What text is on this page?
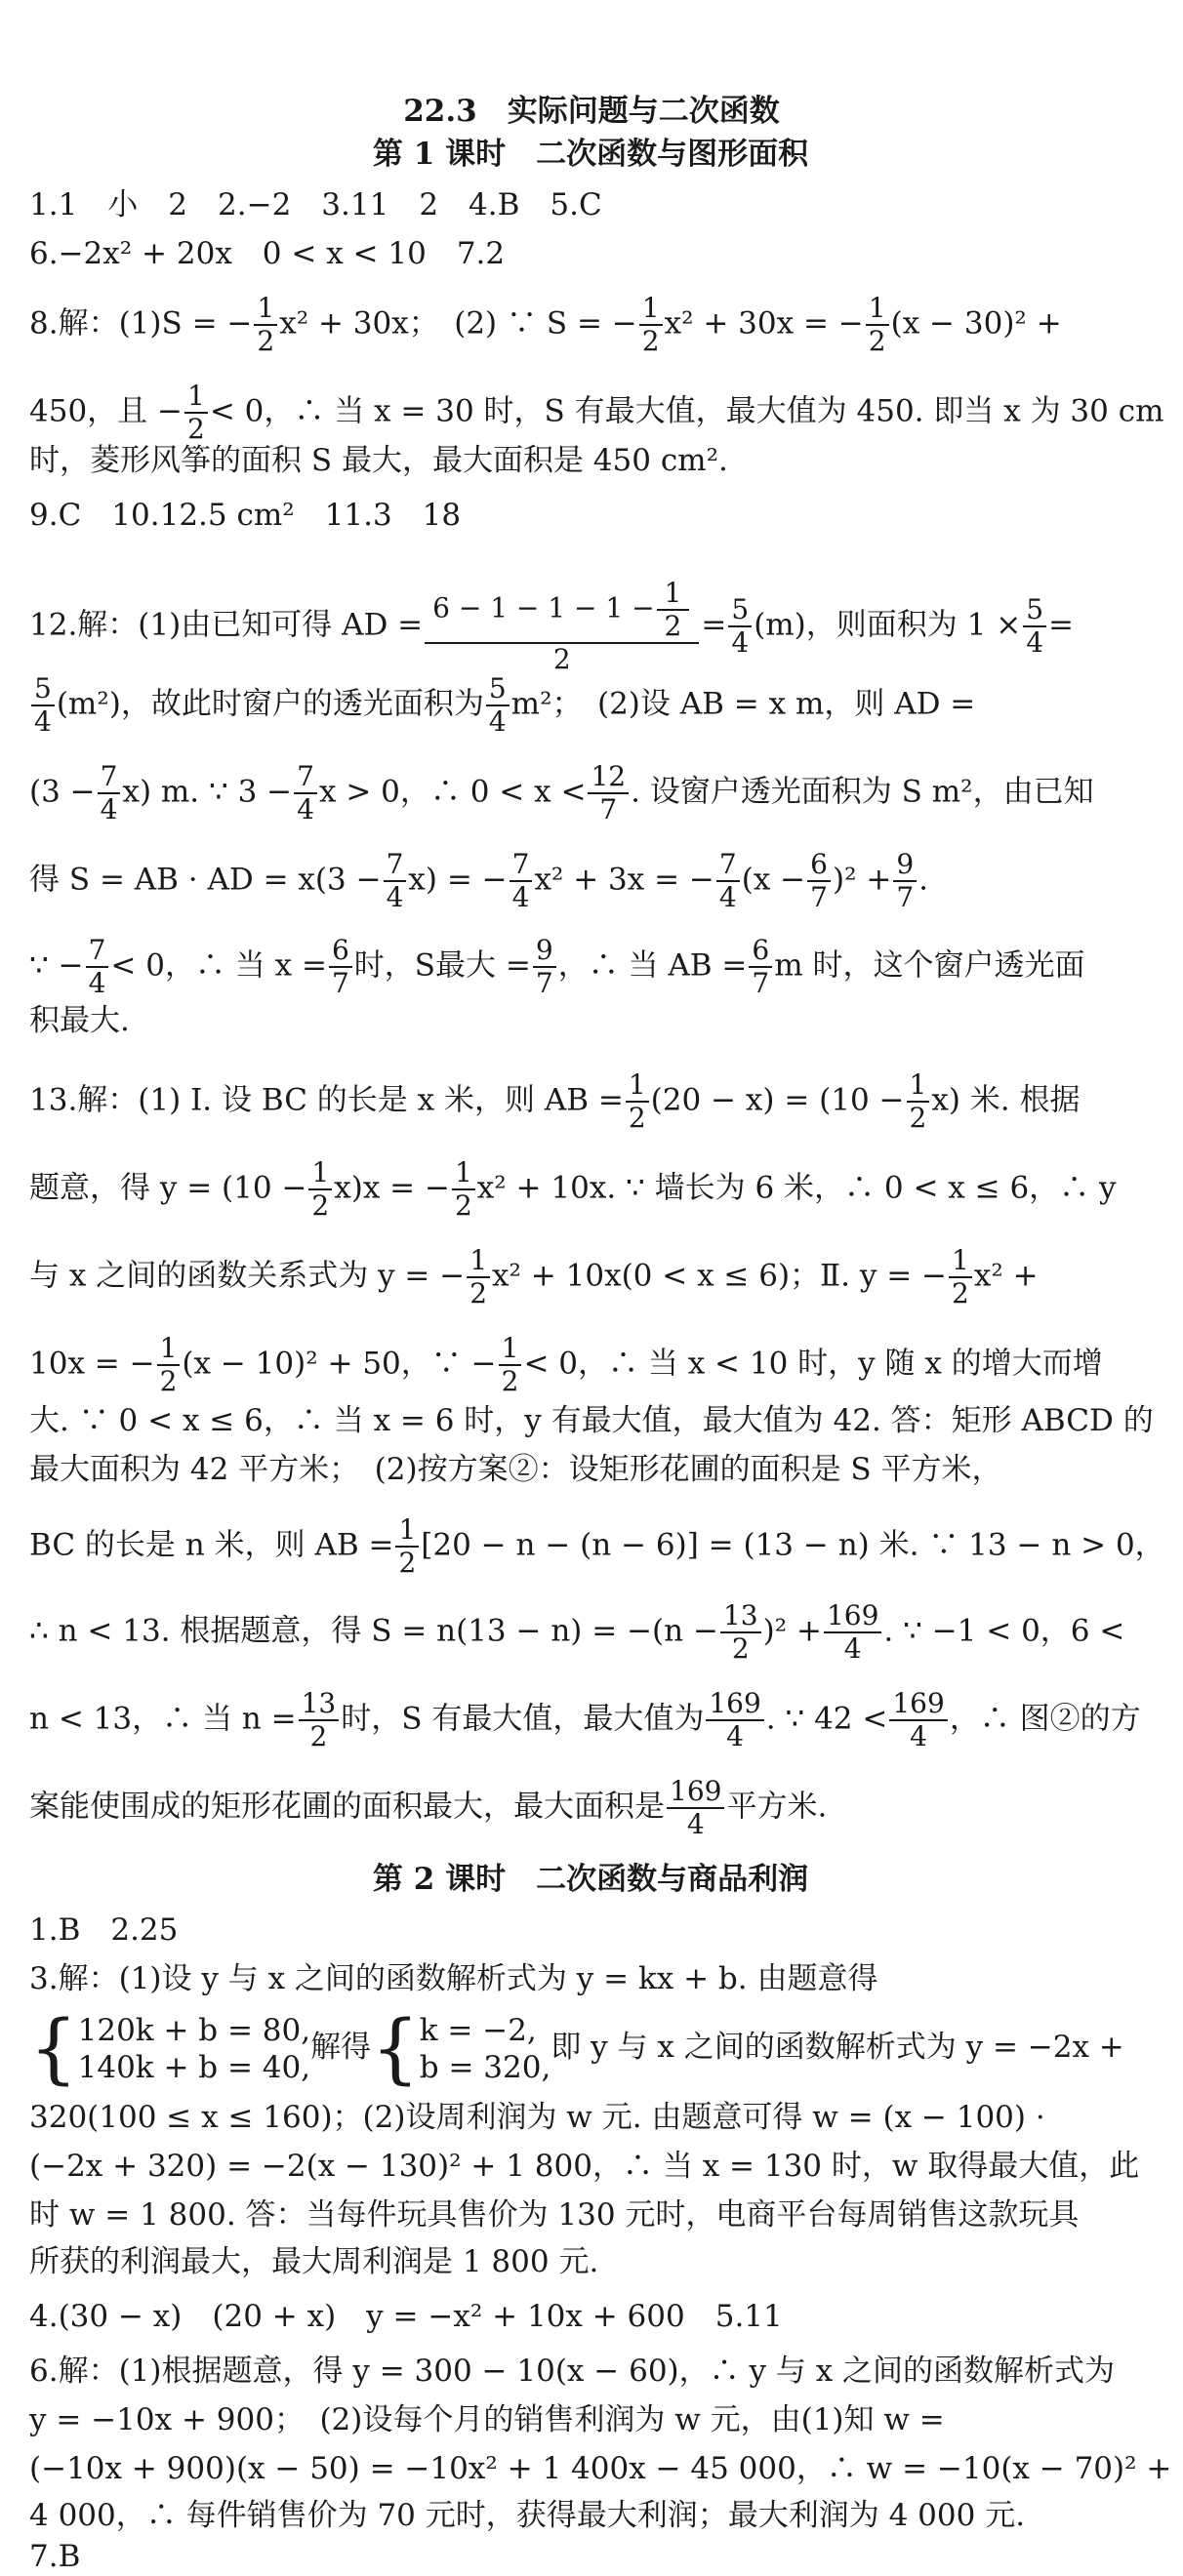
22.3　实际问题与二次函数
第 1 课时　二次函数与图形面积
1.1　小　2　2.−2　3.11　2　4.B　5.C
6.−2x² + 20x　0 < x < 10　7.2
8.解：(1)S = − $\frac{1}{2} x^2 + 30x$；　(2) ∵ S = − $\frac{1}{2} x^2 + 30x$ = − $\frac{1}{2} (x - 30)^2$ +
450，且 − $\frac{1}{2} < 0$，∴ 当 x = 30 时，S 有最大值，最大值为 450. 即当 x 为 30 cm
时，菱形风筝的面积 S 最大，最大面积是 450 cm².
9.C　10.12.5 cm²　11.3　18
12.解：(1)由已知可得 AD = $\frac{6 - 1 - 1 - 1 - \frac{1}{2}}{2} = \frac{5}{4} (m)$，则面积为 $1 \times \frac{5}{4}$ =
$\frac{5}{4} (m^2)$，故此时窗户的透光面积为 $\frac{5}{4} m^2$；　(2)设 AB = x m，则 AD =
$(3 - \frac{7}{4} x)$ m. ∵ $3 - \frac{7}{4}$ x > 0，∴ $0 < x < \frac{12}{7}$ . 设窗户透光面积为 S m²，由已知
得 S = AB · AD = $x(3 - \frac{7}{4} x)$ = − $\frac{7}{4} x^2 + 3x$ = − $\frac{7}{4} (x - \frac{6}{7} )^2 + \frac{9}{7}$ .
∵ − $\frac{7}{4} < 0$，∴ 当 $x = \frac{6}{7}$ 时，S最大 = $\frac{9}{7}$ ，∴ 当 AB = $\frac{6}{7}$ m 时，这个窗户透光面
积最大.
13.解：(1) Ⅰ. 设 BC 的长是 x 米，则 AB = $\frac{1}{2} (20 - x) = (10 - \frac{1}{2} x)$ 米. 根据
题意，得 $y = (10 - \frac{1}{2} x)x$ = − $\frac{1}{2} x^2 + 10x$. ∵ 墙长为 6 米，∴ 0 < x ≤ 6，∴ y
与 x 之间的函数关系式为 y = − $\frac{1}{2} x^2 + 10x(0 < x \le 6)$；Ⅱ. y = − $\frac{1}{2} x^2$ +
10x = − $\frac{1}{2} (x - 10)^2 + 50$，∵ − $\frac{1}{2} < 0$，∴ 当 x < 10 时，y 随 x 的增大而增
大. ∵ 0 < x ≤ 6，∴ 当 x = 6 时，y 有最大值，最大值为 42. 答：矩形 ABCD 的
最大面积为 42 平方米；　(2)按方案②：设矩形花圃的面积是 S 平方米，
BC 的长是 n 米，则 AB = $\frac{1}{2} [20 - n - (n - 6)] = (13 - n)$ 米. ∵ 13 − n > 0，
∴ n < 13. 根据题意，得 $S = n(13 - n) = -(n - \frac{13}{2} )^2 + \frac{169}{4}$ . ∵ −1 < 0，6 <
n < 13，∴ 当 $n = \frac{13}{2}$ 时，S 有最大值，最大值为 $\frac{169}{4}$ . ∵ $42 < \frac{169}{4}$ ，∴ 图②的方
案能使围成的矩形花圃的面积最大，最大面积是 $\frac{169}{4}$ 平方米.
第 2 课时　二次函数与商品利润
1.B　2.25
3.解：(1)设 y 与 x 之间的函数解析式为 y = kx + b. 由题意得
{120k + b = 80,
140k + b = 40,解得{k = −2,
b = 320,即 y 与 x 之间的函数解析式为 y = −2x +
320(100 ≤ x ≤ 160)；(2)设周利润为 w 元. 由题意可得 w = (x − 100) ·
(−2x + 320) = −2(x − 130)² + 1 800，∴ 当 x = 130 时，w 取得最大值，此
时 w = 1 800. 答：当每件玩具售价为 130 元时，电商平台每周销售这款玩具
所获的利润最大，最大周利润是 1 800 元.
4.(30 − x)　(20 + x)　y = −x² + 10x + 600　5.11
6.解：(1)根据题意，得 y = 300 − 10(x − 60)，∴ y 与 x 之间的函数解析式为
y = −10x + 900；　(2)设每个月的销售利润为 w 元，由(1)知 w =
(−10x + 900)(x − 50) = −10x² + 1 400x − 45 000，∴ w = −10(x − 70)² +
4 000，∴ 每件销售价为 70 元时，获得最大利润；最大利润为 4 000 元.
7.B
